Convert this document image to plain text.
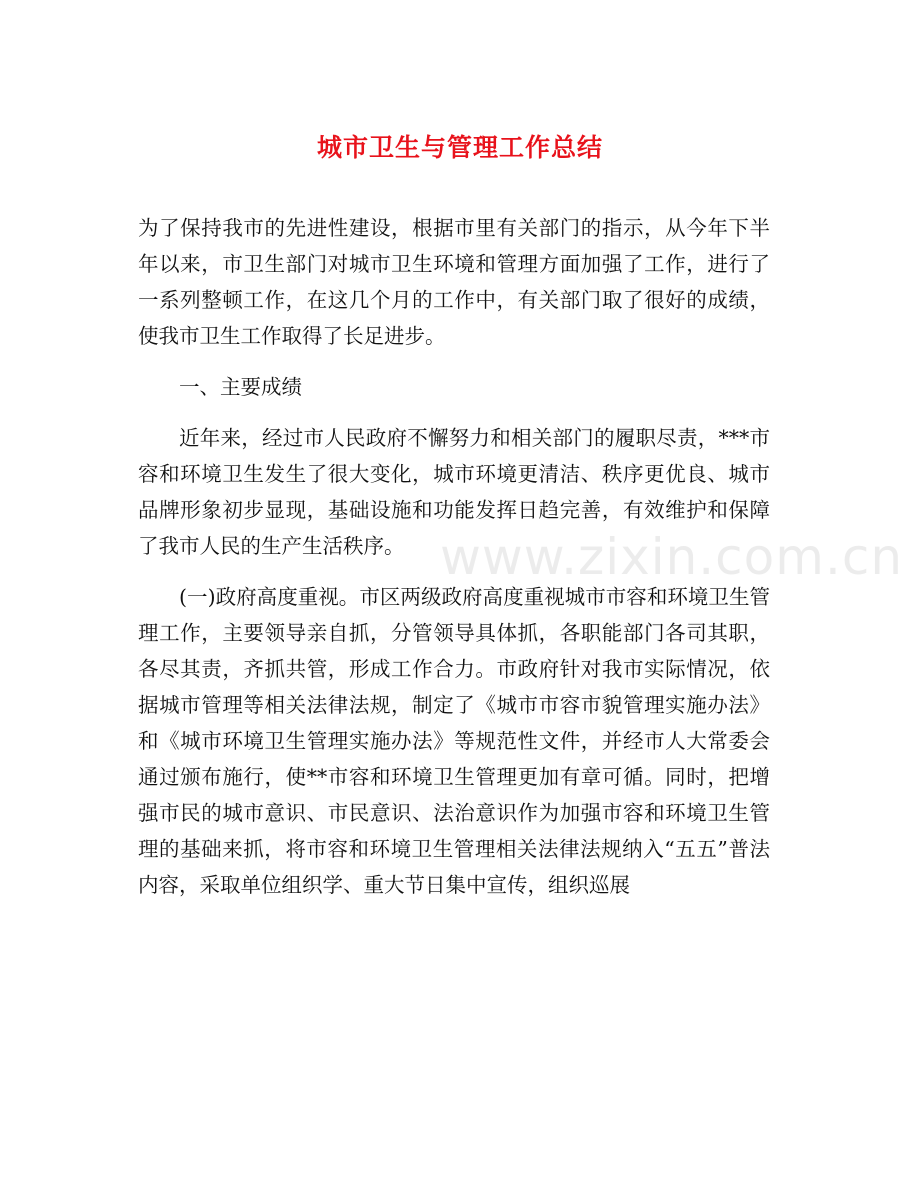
城市卫生与管理工作总结

为了保持我市的先进性建设，根据市里有关部门的指示，从今年下半年以来，市卫生部门对城市卫生环境和管理方面加强了工作，进行了一系列整顿工作，在这几个月的工作中，有关部门取了很好的成绩，使我市卫生工作取得了长足进步。

一、主要成绩

近年来，经过市人民政府不懈努力和相关部门的履职尽责，***市容和环境卫生发生了很大变化，城市环境更清洁、秩序更优良、城市品牌形象初步显现，基础设施和功能发挥日趋完善，有效维护和保障了我市人民的生产生活秩序。

(一)政府高度重视。市区两级政府高度重视城市市容和环境卫生管理工作，主要领导亲自抓，分管领导具体抓，各职能部门各司其职，各尽其责，齐抓共管，形成工作合力。市政府针对我市实际情况，依据城市管理等相关法律法规，制定了《城市市容市貌管理实施办法》和《城市环境卫生管理实施办法》等规范性文件，并经市人大常委会通过颁布施行，使**市容和环境卫生管理更加有章可循。同时，把增强市民的城市意识、市民意识、法治意识作为加强市容和环境卫生管理的基础来抓，将市容和环境卫生管理相关法律法规纳入“五五”普法内容，采取单位组织学、重大节日集中宣传，组织巡展

www.zixin.com.cn
